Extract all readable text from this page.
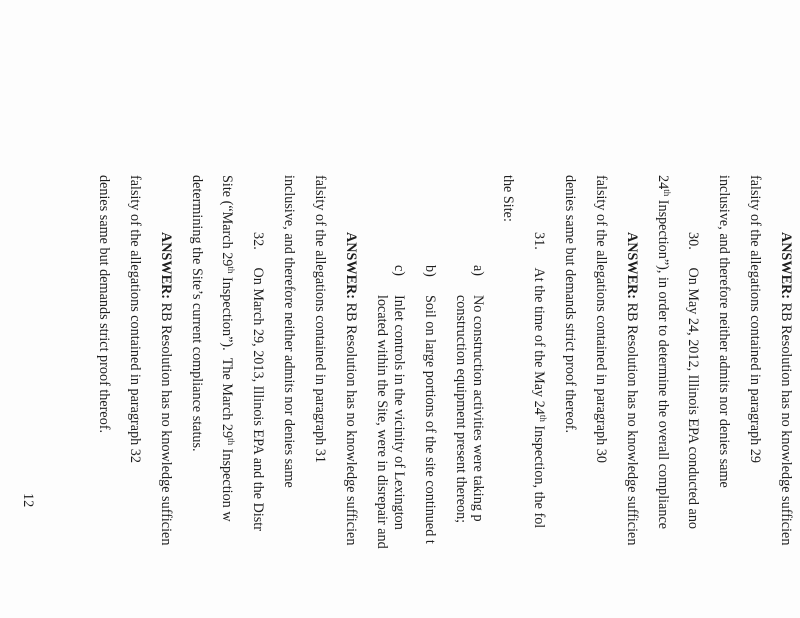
ANSWER: RB Resolution has no knowledge sufficien
falsity of the allegations contained in paragraph 29
inclusive, and therefore neither admits nor denies same
30.     On May 24, 2012, Illinois EPA conducted ano
24th Inspection”), in order to determine the overall compliance
ANSWER: RB Resolution has no knowledge sufficien
falsity of the allegations contained in paragraph 30
denies same but demands strict proof thereof.
31.     At the time of the May 24th Inspection, the fol
the Site:
a)
No construction activities were taking p
construction equipment present thereon;
b)
Soil on large portions of the site continued t
c)
Inlet controls in the vicinity of Lexington
located within the Site, were in disrepair and
ANSWER: RB Resolution has no knowledge sufficien
falsity of the allegations contained in paragraph 31
inclusive, and therefore neither admits nor denies same
32.     On March 29, 2013, Illinois EPA and the Distr
Site (“March 29th Inspection”).  The March 29th Inspection w
determining the Site’s current compliance status.
ANSWER: RB Resolution has no knowledge sufficien
falsity of the allegations contained in paragraph 32
denies same but demands strict proof thereof.
12
